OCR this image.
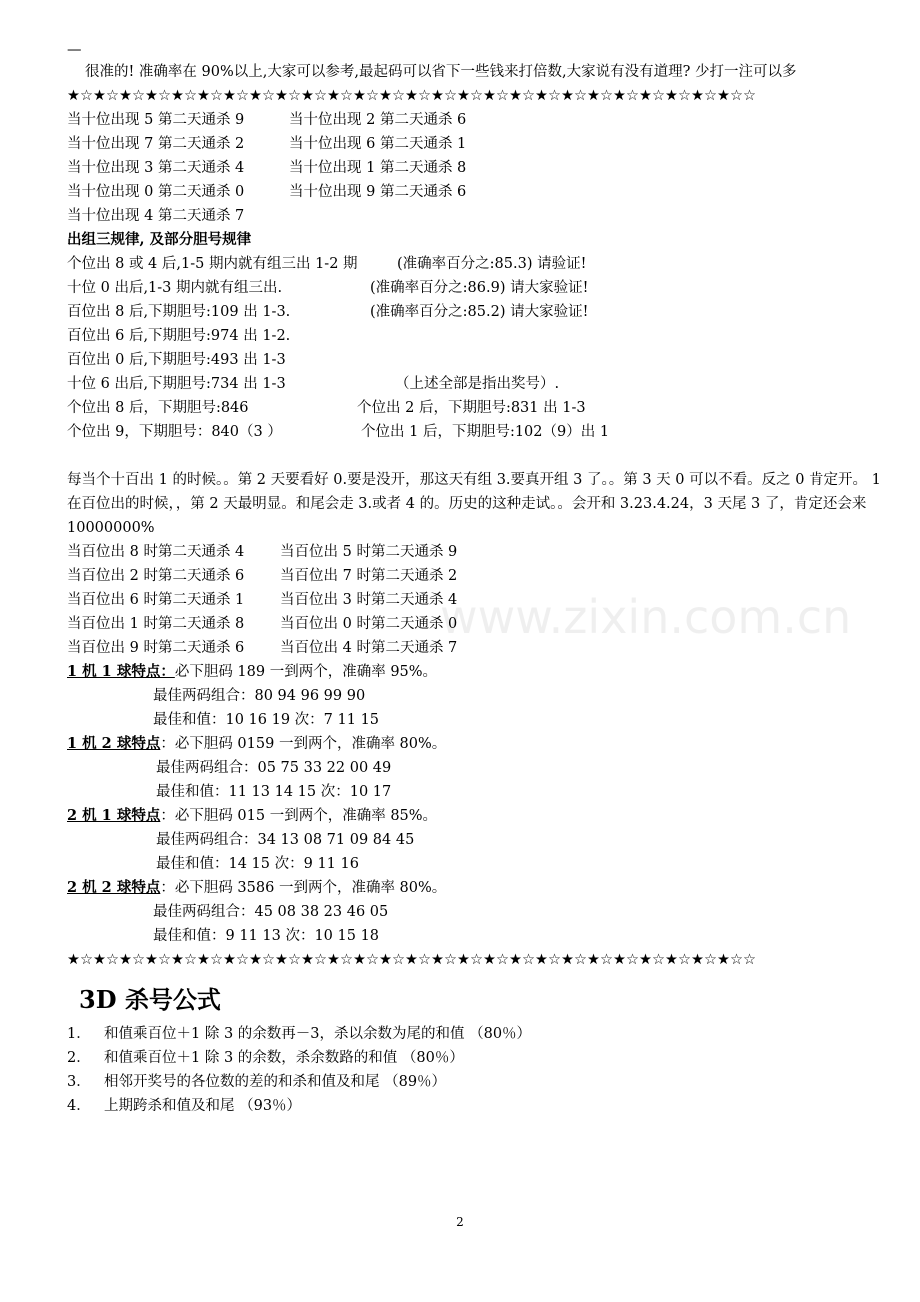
www.zixin.com.cn
—
很准的! 准确率在 90%以上,大家可以参考,最起码可以省下一些钱来打倍数,大家说有没有道理? 少打一注可以多
★☆★☆★☆★☆★☆★☆★☆★☆★☆★☆★☆★☆★☆★☆★☆★☆★☆★☆★☆★☆★☆★☆★☆★☆★☆★☆☆
当十位出现 5 第二天通杀 9	当十位出现 2 第二天通杀 6
当十位出现 7 第二天通杀 2	当十位出现 6 第二天通杀 1
当十位出现 3 第二天通杀 4	当十位出现 1 第二天通杀 8
当十位出现 0 第二天通杀 0	当十位出现 9 第二天通杀 6
当十位出现 4 第二天通杀 7
出组三规律, 及部分胆号规律
个位出 8 或 4 后,1-5 期内就有组三出 1-2 期	(准确率百分之:85.3) 请验证!
十位 0 出后,1-3 期内就有组三出.	(准确率百分之:86.9) 请大家验证!
百位出 8 后,下期胆号:109 出 1-3.	(准确率百分之:85.2) 请大家验证!
百位出 6 后,下期胆号:974 出 1-2.
百位出 0 后,下期胆号:493 出 1-3
十位 6 出后,下期胆号:734 出 1-3	（上述全部是指出奖号）.
个位出 8 后，下期胆号:846	个位出 2 后，下期胆号:831 出 1-3
个位出 9，下期胆号：840（3 ）	个位出 1 后，下期胆号:102（9）出 1
每当个十百出 1 的时候。。第 2 天要看好 0.要是没开，那这天有组 3.要真开组 3 了。。第 3 天 0 可以不看。反之 0 肯定开。 1 在百位出的时候，，第 2 天最明显。和尾会走 3.或者 4 的。历史的这种走试。。会开和 3.23.4.24，3 天尾 3 了，肯定还会来 10000000%
当百位出 8 时第二天通杀 4 当百位出 5 时第二天通杀 9
当百位出 2 时第二天通杀 6 当百位出 7 时第二天通杀 2
当百位出 6 时第二天通杀 1 当百位出 3 时第二天通杀 4
当百位出 1 时第二天通杀 8 当百位出 0 时第二天通杀 0
当百位出 9 时第二天通杀 6 当百位出 4 时第二天通杀 7
1 机 1 球特点：必下胆码 189 一到两个，准确率 95%。
最佳两码组合：80 94 96 99 90
最佳和值：10 16 19 次：7 11 15
1 机 2 球特点：必下胆码 0159 一到两个，准确率 80%。
最佳两码组合：05 75 33 22 00 49
最佳和值：11 13 14 15 次：10 17
2 机 1 球特点：必下胆码 015 一到两个，准确率 85%。
最佳两码组合：34 13 08 71 09 84 45
最佳和值：14 15 次：9 11 16
2 机 2 球特点：必下胆码 3586 一到两个，准确率 80%。
最佳两码组合：45 08 38 23 46 05
最佳和值：9 11 13 次：10 15 18
★☆★☆★☆★☆★☆★☆★☆★☆★☆★☆★☆★☆★☆★☆★☆★☆★☆★☆★☆★☆★☆★☆★☆★☆★☆★☆☆
3D 杀号公式
1． 和值乘百位＋1 除 3 的余数再－3，杀以余数为尾的和值 （80％）
2． 和值乘百位＋1 除 3 的余数，杀余数路的和值 （80％）
3． 相邻开奖号的各位数的差的和杀和值及和尾 （89％）
4． 上期跨杀和值及和尾 （93％）
2
